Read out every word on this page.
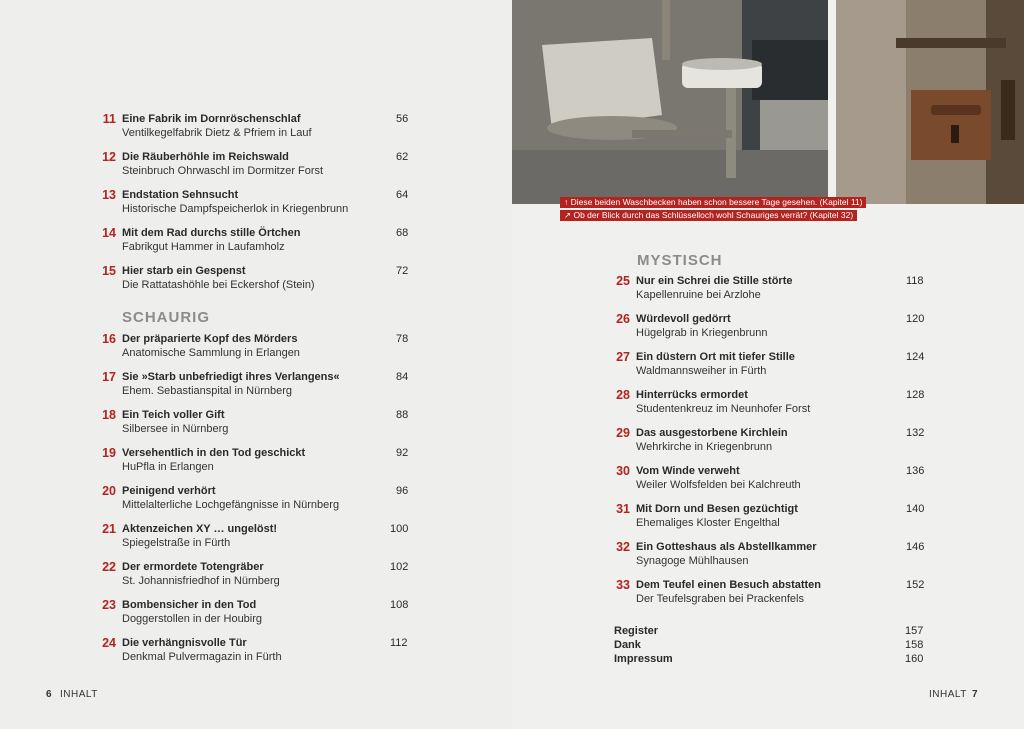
↑ Diese beiden Waschbecken haben schon bessere Tage gesehen. (Kapitel 11)
↗ Ob der Blick durch das Schlüsselloch wohl Schauriges verrät? (Kapitel 32)
11 Eine Fabrik im Dornröschenschlaf
Ventilkegelfabrik Dietz & Pfriem in Lauf
56
12 Die Räuberhöhle im Reichswald
Steinbruch Ohrwaschl im Dormitzer Forst
62
13 Endstation Sehnsucht
Historische Dampfspeicherlok in Kriegenbrunn
64
14 Mit dem Rad durchs stille Örtchen
Fabrikgut Hammer in Laufamholz
68
15 Hier starb ein Gespenst
Die Rattatashöhle bei Eckershof (Stein)
72
SCHAURIG
16 Der präparierte Kopf des Mörders
Anatomische Sammlung in Erlangen
78
17 Sie »Starb unbefriedigt ihres Verlangens«
Ehem. Sebastianspital in Nürnberg
84
18 Ein Teich voller Gift
Silbersee in Nürnberg
88
19 Versehentlich in den Tod geschickt
HuPfla in Erlangen
92
20 Peinigend verhört
Mittelalterliche Lochgefängnisse in Nürnberg
96
21 Aktenzeichen XY … ungelöst!
Spiegelstraße in Fürth
100
22 Der ermordete Totengräber
St. Johannisfriedhof in Nürnberg
102
23 Bombensicher in den Tod
Doggerstollen in der Houbirg
108
24 Die verhängnisvolle Tür
Denkmal Pulvermagazin in Fürth
112
MYSTISCH
25 Nur ein Schrei die Stille störte
Kapellenruine bei Arzlohe
118
26 Würdevoll gedörrt
Hügelgrab in Kriegenbrunn
120
27 Ein düstern Ort mit tiefer Stille
Waldmannsweiher in Fürth
124
28 Hinterrücks ermordet
Studentenkreuz im Neunhofer Forst
128
29 Das ausgestorbene Kirchlein
Wehrkirche in Kriegenbrunn
132
30 Vom Winde verweht
Weiler Wolfsfelden bei Kalchreuth
136
31 Mit Dorn und Besen gezüchtigt
Ehemaliges Kloster Engelthal
140
32 Ein Gotteshaus als Abstellkammer
Synagoge Mühlhausen
146
33 Dem Teufel einen Besuch abstatten
Der Teufelsgraben bei Prackenfels
152
Register	157
Dank	158
Impressum	160
6 INHALT	INHALT 7
